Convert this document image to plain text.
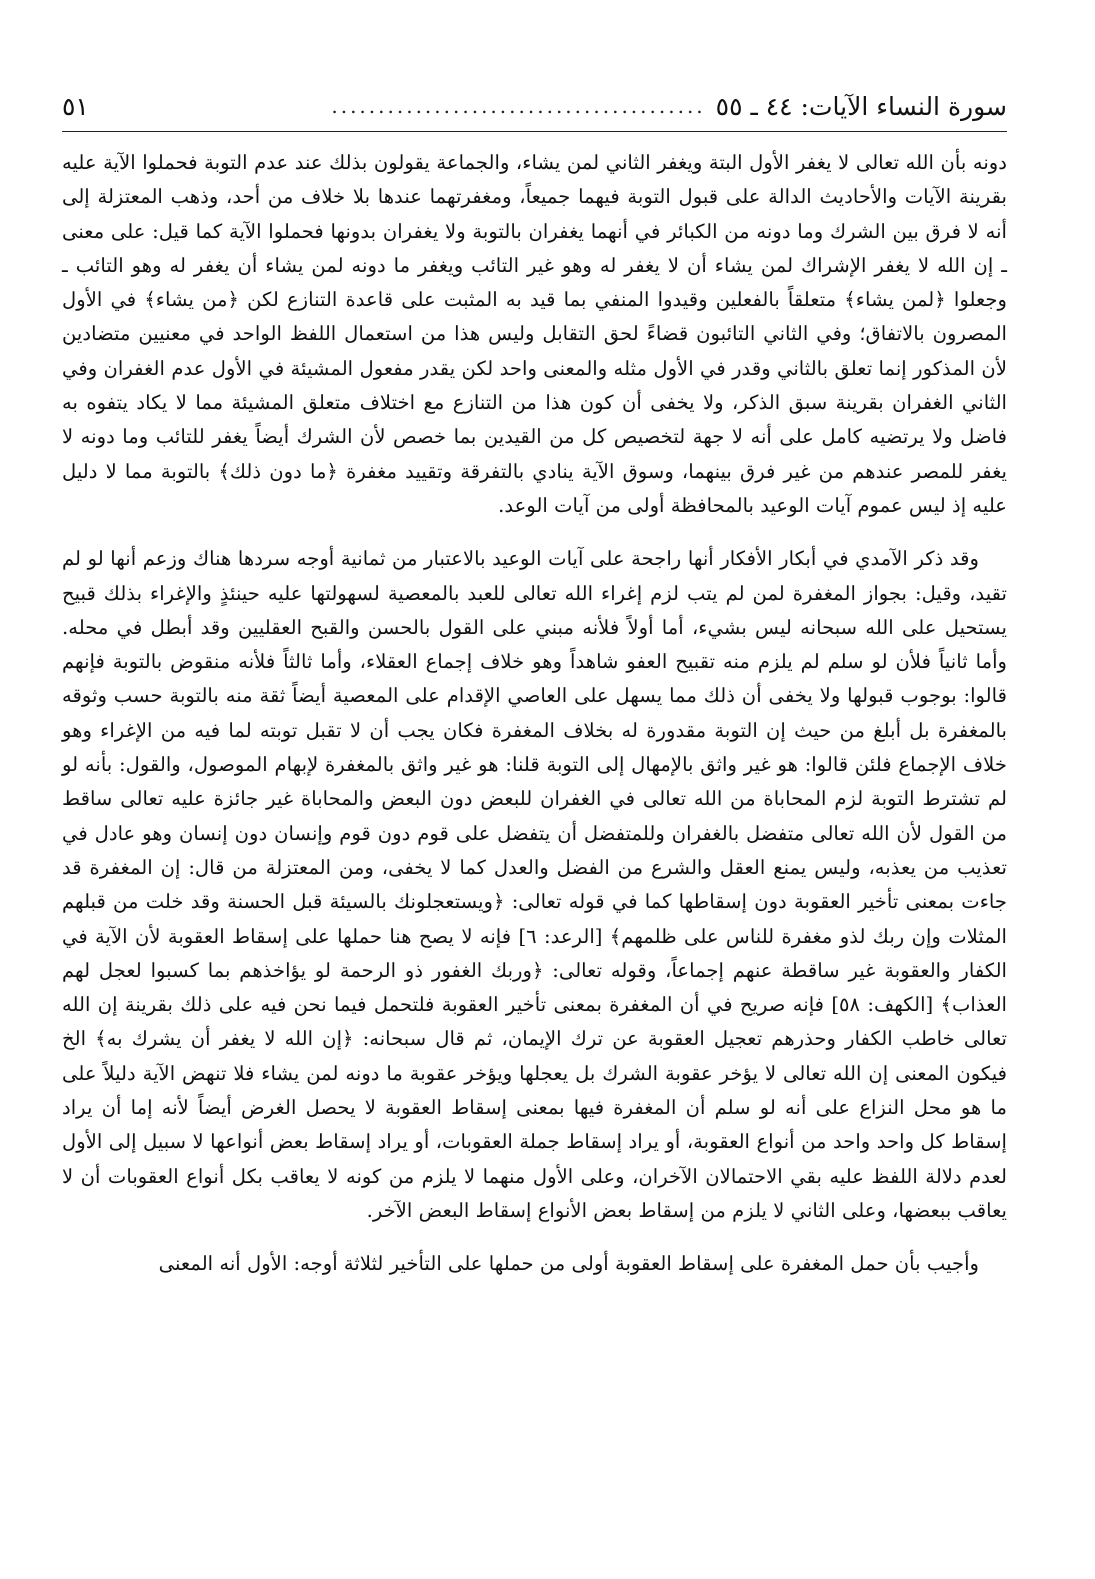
سورة النساء الآيات: ٤٤ ـ ٥٥
........................................
٥١

دونه بأن الله تعالى لا يغفر الأول البتة ويغفر الثاني لمن يشاء، والجماعة يقولون بذلك عند عدم التوبة فحملوا الآية عليه بقرينة الآيات والأحاديث الدالة على قبول التوبة فيهما جميعاً، ومغفرتهما عندها بلا خلاف من أحد، وذهب المعتزلة إلى أنه لا فرق بين الشرك وما دونه من الكبائر في أنهما يغفران بالتوبة ولا يغفران بدونها فحملوا الآية كما قيل: على معنى ـ إن الله لا يغفر الإشراك لمن يشاء أن لا يغفر له وهو غير التائب ويغفر ما دونه لمن يشاء أن يغفر له وهو التائب ـ وجعلوا ﴿لمن يشاء﴾ متعلقاً بالفعلين وقيدوا المنفي بما قيد به المثبت على قاعدة التنازع لكن ﴿من يشاء﴾ في الأول المصرون بالاتفاق؛ وفي الثاني التائبون قضاءً لحق التقابل وليس هذا من استعمال اللفظ الواحد في معنيين متضادين لأن المذكور إنما تعلق بالثاني وقدر في الأول مثله والمعنى واحد لكن يقدر مفعول المشيئة في الأول عدم الغفران وفي الثاني الغفران بقرينة سبق الذكر، ولا يخفى أن كون هذا من التنازع مع اختلاف متعلق المشيئة مما لا يكاد يتفوه به فاضل ولا يرتضيه كامل على أنه لا جهة لتخصيص كل من القيدين بما خصص لأن الشرك أيضاً يغفر للتائب وما دونه لا يغفر للمصر عندهم من غير فرق بينهما، وسوق الآية ينادي بالتفرقة وتقييد مغفرة ﴿ما دون ذلك﴾ بالتوبة مما لا دليل عليه إذ ليس عموم آيات الوعيد بالمحافظة أولى من آيات الوعد.

وقد ذكر الآمدي في أبكار الأفكار أنها راجحة على آيات الوعيد بالاعتبار من ثمانية أوجه سردها هناك وزعم أنها لو لم تقيد، وقيل: بجواز المغفرة لمن لم يتب لزم إغراء الله تعالى للعبد بالمعصية لسهولتها عليه حينئذٍ والإغراء بذلك قبيح يستحيل على الله سبحانه ليس بشيء، أما أولاً فلأنه مبني على القول بالحسن والقبح العقليين وقد أبطل في محله. وأما ثانياً فلأن لو سلم لم يلزم منه تقبيح العفو شاهداً وهو خلاف إجماع العقلاء، وأما ثالثاً فلأنه منقوض بالتوبة فإنهم قالوا: بوجوب قبولها ولا يخفى أن ذلك مما يسهل على العاصي الإقدام على المعصية أيضاً ثقة منه بالتوبة حسب وثوقه بالمغفرة بل أبلغ من حيث إن التوبة مقدورة له بخلاف المغفرة فكان يجب أن لا تقبل توبته لما فيه من الإغراء وهو خلاف الإجماع فلئن قالوا: هو غير واثق بالإمهال إلى التوبة قلنا: هو غير واثق بالمغفرة لإبهام الموصول، والقول: بأنه لو لم تشترط التوبة لزم المحاباة من الله تعالى في الغفران للبعض دون البعض والمحاباة غير جائزة عليه تعالى ساقط من القول لأن الله تعالى متفضل بالغفران وللمتفضل أن يتفضل على قوم دون قوم وإنسان دون إنسان وهو عادل في تعذيب من يعذبه، وليس يمنع العقل والشرع من الفضل والعدل كما لا يخفى، ومن المعتزلة من قال: إن المغفرة قد جاءت بمعنى تأخير العقوبة دون إسقاطها كما في قوله تعالى: ﴿ويستعجلونك بالسيئة قبل الحسنة وقد خلت من قبلهم المثلات وإن ربك لذو مغفرة للناس على ظلمهم﴾ [الرعد: ٦] فإنه لا يصح هنا حملها على إسقاط العقوبة لأن الآية في الكفار والعقوبة غير ساقطة عنهم إجماعاً، وقوله تعالى: ﴿وربك الغفور ذو الرحمة لو يؤاخذهم بما كسبوا لعجل لهم العذاب﴾ [الكهف: ٥٨] فإنه صريح في أن المغفرة بمعنى تأخير العقوبة فلتحمل فيما نحن فيه على ذلك بقرينة إن الله تعالى خاطب الكفار وحذرهم تعجيل العقوبة عن ترك الإيمان، ثم قال سبحانه: ﴿إن الله لا يغفر أن يشرك به﴾ الخ فيكون المعنى إن الله تعالى لا يؤخر عقوبة الشرك بل يعجلها ويؤخر عقوبة ما دونه لمن يشاء فلا تنهض الآية دليلاً على ما هو محل النزاع على أنه لو سلم أن المغفرة فيها بمعنى إسقاط العقوبة لا يحصل الغرض أيضاً لأنه إما أن يراد إسقاط كل واحد واحد من أنواع العقوبة، أو يراد إسقاط جملة العقوبات، أو يراد إسقاط بعض أنواعها لا سبيل إلى الأول لعدم دلالة اللفظ عليه بقي الاحتمالان الآخران، وعلى الأول منهما لا يلزم من كونه لا يعاقب بكل أنواع العقوبات أن لا يعاقب ببعضها، وعلى الثاني لا يلزم من إسقاط بعض الأنواع إسقاط البعض الآخر.

وأجيب بأن حمل المغفرة على إسقاط العقوبة أولى من حملها على التأخير لثلاثة أوجه: الأول أنه المعنى
